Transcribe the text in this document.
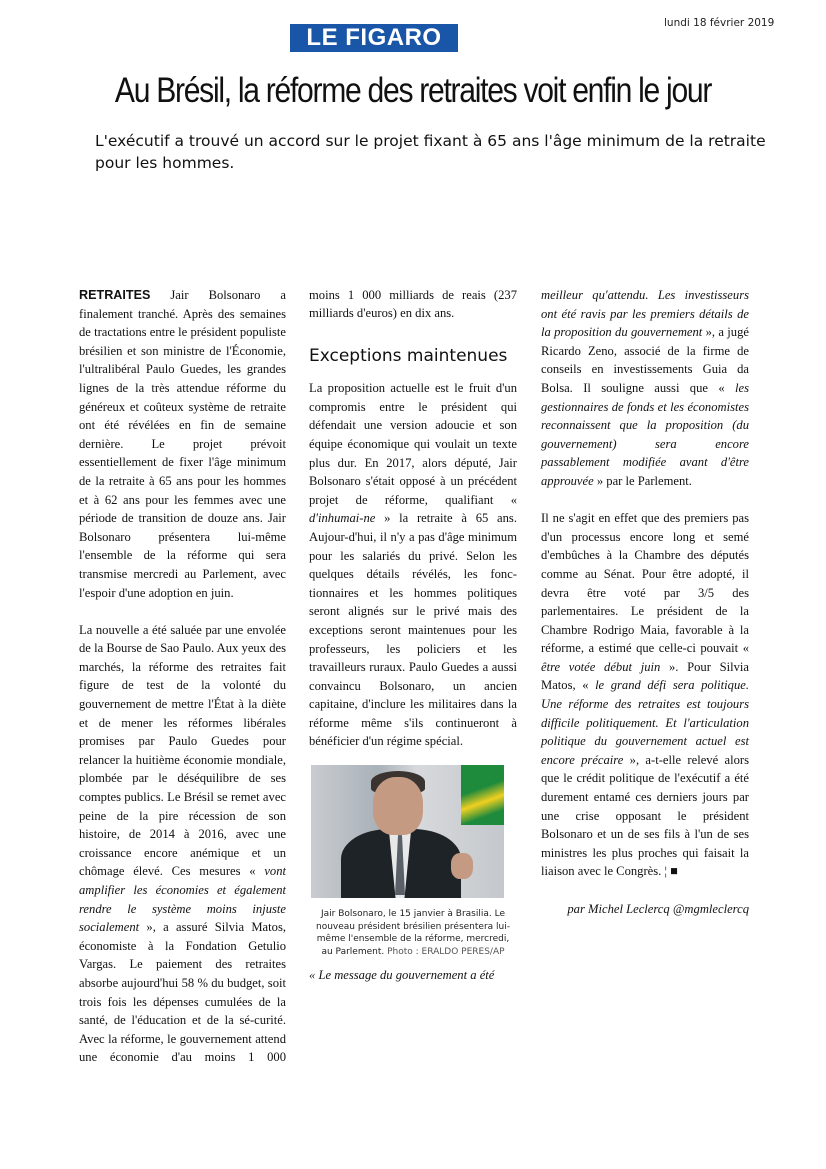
LE FIGARO
lundi 18 février 2019
Au Brésil, la réforme des retraites voit enfin le jour
L'exécutif a trouvé un accord sur le projet fixant à 65 ans l'âge minimum de la retraite pour les hommes.

RETRAITES Jair Bolsonaro a finalement tranché. Après des semaines de tractations entre le président populiste brésilien et son ministre de l'Économie, l'ultralibéral Paulo Guedes, les grandes lignes de la très attendue réforme du généreux et coûteux système de retraite ont été révélées en fin de semaine dernière. Le projet prévoit essentiellement de fixer l'âge minimum de la retraite à 65 ans pour les hommes et à 62 ans pour les femmes avec une période de transition de douze ans. Jair Bolsonaro présentera lui-même l'ensemble de la réforme qui sera transmise mercredi au Parlement, avec l'espoir d'une adoption en juin.

La nouvelle a été saluée par une envolée de la Bourse de Sao Paulo. Aux yeux des marchés, la réforme des retraites fait figure de test de la volonté du gouvernement de mettre l'État à la diète et de mener les réformes libérales promises par Paulo Guedes pour relancer la huitième économie mondiale, plombée par le déséquilibre de ses comptes publics. Le Brésil se remet avec peine de la pire récession de son histoire, de 2014 à 2016, avec une croissance encore anémique et un chômage élevé. Ces mesures « vont amplifier les économies et également rendre le système moins injuste socialement », a assuré Silvia Matos, économiste à la Fondation Getulio Vargas. Le paiement des retraites absorbe aujourd'hui 58 % du budget, soit trois fois les dépenses cumulées de la santé, de l'éducation et de la sé-curité. Avec la réforme, le gouvernement attend une économie d'au moins 1 000

meilleur qu'attendu. Les investisseurs ont été ravis par les premiers détails de la proposition du gouvernement », a jugé Ricardo Zeno, associé de la firme de conseils en investissements Guia da Bolsa. Il souligne aussi que « les gestionnaires de fonds et les économistes reconnaissent que la proposition (du gouvernement) sera encore passablement modifiée avant d'être approuvée » par le Parlement.

Il ne s'agit en effet que des premiers pas d'un processus encore long et semé d'embûches à la Chambre des députés comme au Sénat. Pour être adopté, il devra être voté par 3/5 des parlementaires. Le président de la Chambre Rodrigo Maia, favorable à la réforme, a estimé que celle-ci pouvait « être votée début juin ». Pour Silvia Matos, « le grand défi sera politique. Une réforme des retraites est toujours difficile politiquement. Et l'articulation politique du gouvernement actuel est encore précaire », a-t-elle relevé alors que le crédit politique de l'exécutif a été durement entamé ces derniers jours par une crise opposant le président Bolsonaro et un de ses fils à l'un de ses ministres les plus proches qui faisait la liaison avec le Congrès. ¦ ■

par Michel Leclercq @mgmleclercq

moins 1 000 milliards de reais (237 milliards d'euros) en dix ans.

Exceptions maintenues

La proposition actuelle est le fruit d'un compromis entre le président qui défendait une version adoucie et son équipe économique qui voulait un texte plus dur. En 2017, alors député, Jair Bolsonaro s'était opposé à un précédent projet de réforme, qualifiant « d'inhumai-ne » la retraite à 65 ans. Aujour-d'hui, il n'y a pas d'âge minimum pour les salariés du privé. Selon les quelques détails révélés, les fonc-tionnaires et les hommes politiques seront alignés sur le privé mais des exceptions seront maintenues pour les professeurs, les policiers et les travailleurs ruraux. Paulo Guedes a aussi convaincu Bolsonaro, un ancien capitaine, d'inclure les militaires dans la réforme même s'ils continueront à bénéficier d'un régime spécial.

Jair Bolsonaro, le 15 janvier à Brasilia. Le nouveau président brésilien présentera lui-même l'ensemble de la réforme, mercredi, au Parlement. Photo : ERALDO PERES/AP
« Le message du gouvernement a été
